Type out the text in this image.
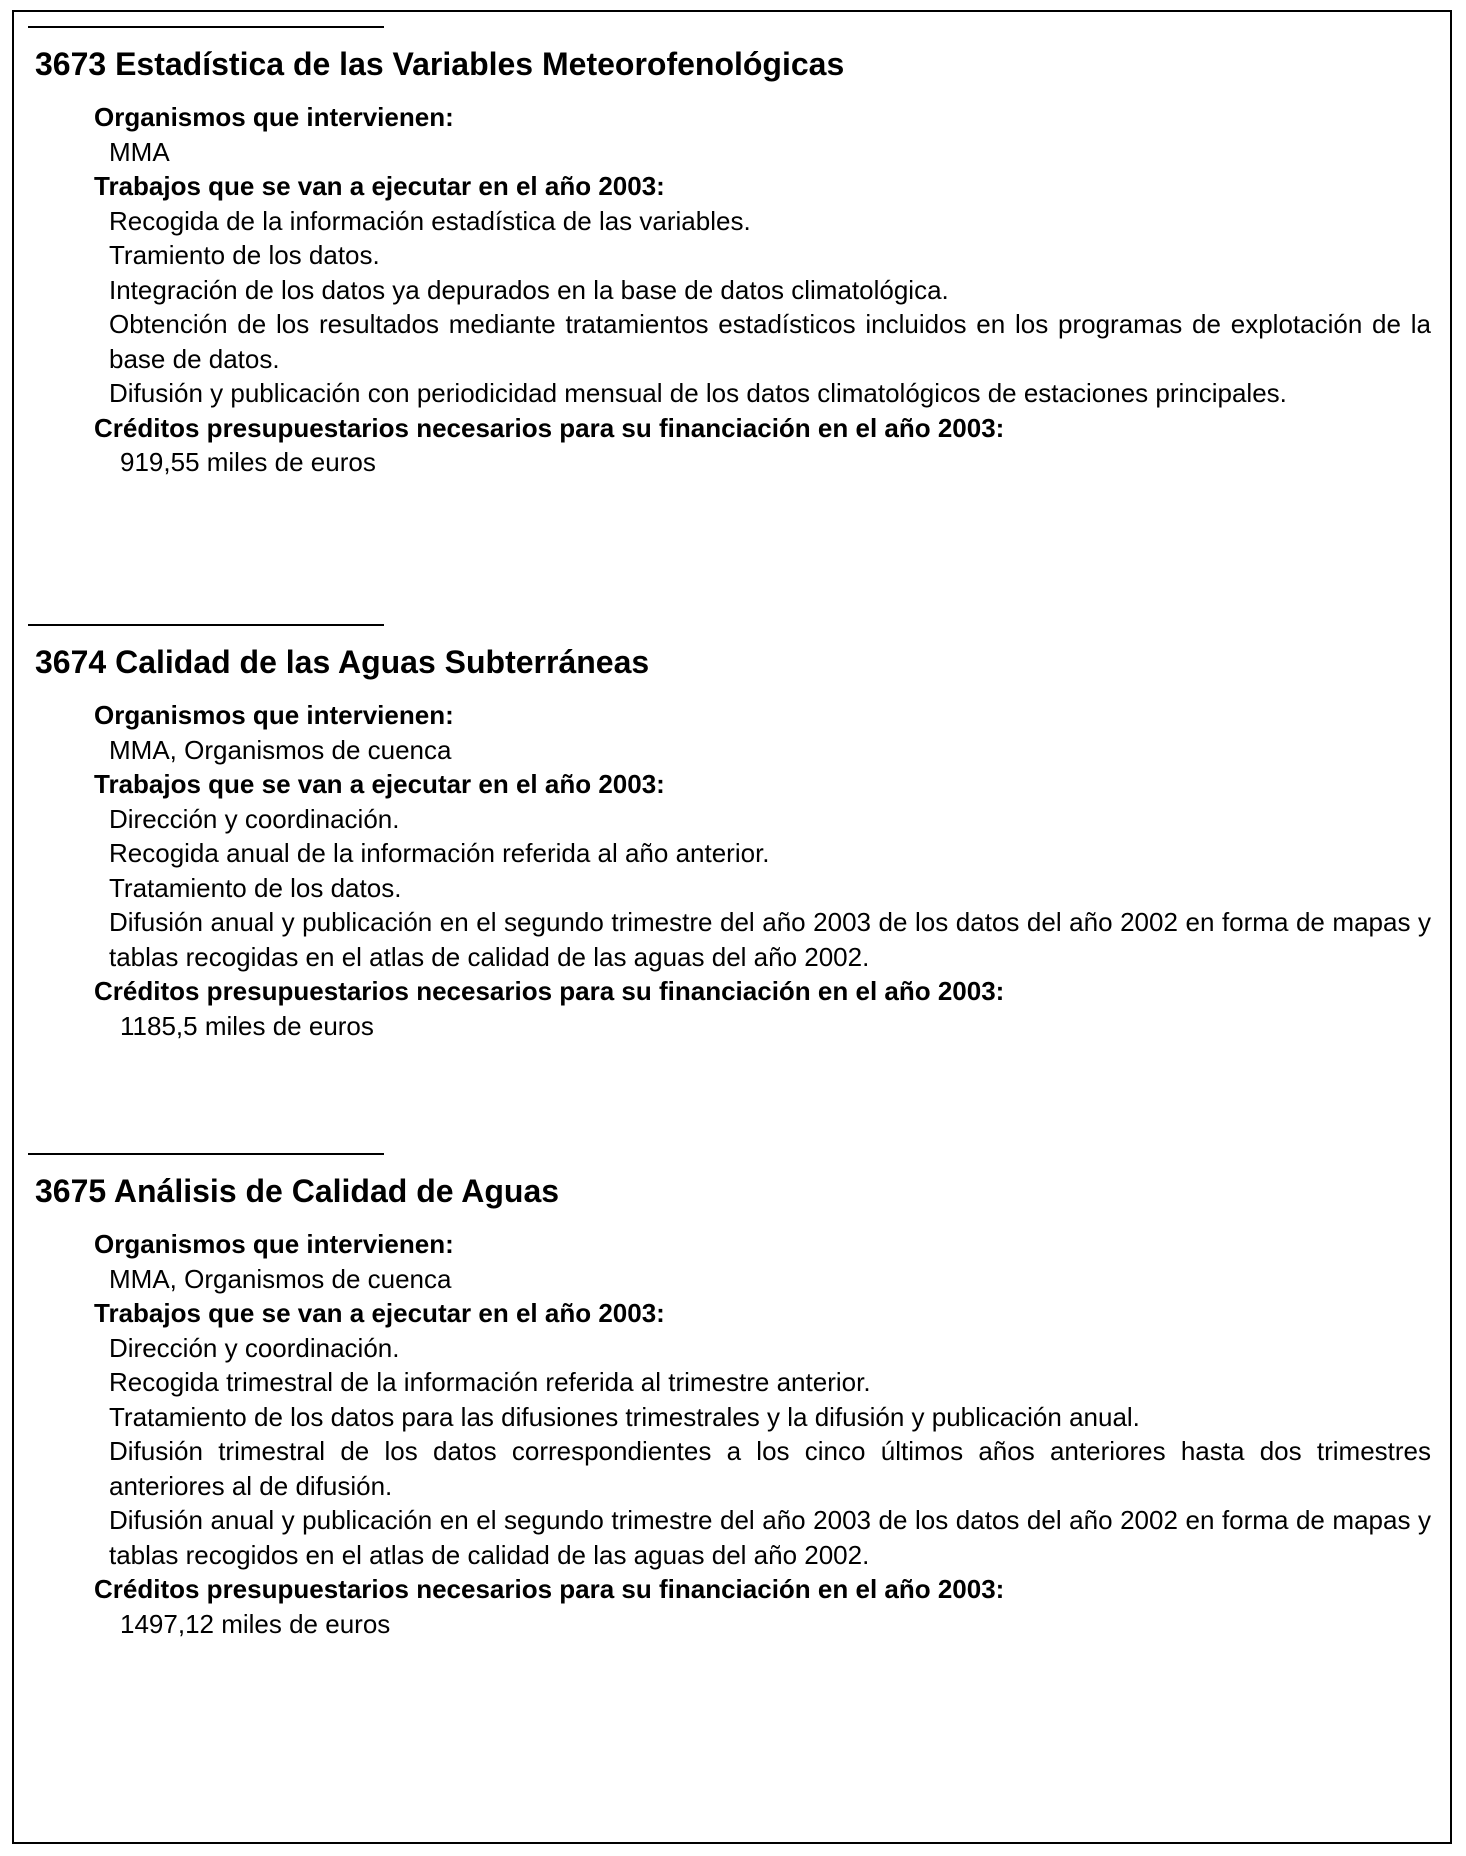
3673 Estadística de las Variables Meteorofenológicas
Organismos que intervienen:
MMA
Trabajos que se van a ejecutar en el año 2003:
Recogida de la información estadística de las variables.
Tramiento de los datos.
Integración de los datos ya depurados en la base de datos climatológica.
Obtención de los resultados mediante tratamientos estadísticos incluidos en los programas de explotación de la base de datos.
Difusión y publicación con periodicidad mensual de los datos climatológicos de estaciones principales.
Créditos presupuestarios necesarios para su financiación en el año 2003:
919,55 miles de euros
3674 Calidad de las Aguas Subterráneas
Organismos que intervienen:
MMA, Organismos de cuenca
Trabajos que se van a ejecutar en el año 2003:
Dirección y coordinación.
Recogida anual de la información referida al año anterior.
Tratamiento de los datos.
Difusión anual y publicación en el segundo trimestre del año 2003 de los datos del año 2002 en forma de mapas y tablas recogidas en el atlas de calidad de las aguas del año 2002.
Créditos presupuestarios necesarios para su financiación en el año 2003:
1185,5 miles de euros
3675 Análisis de Calidad de Aguas
Organismos que intervienen:
MMA, Organismos de cuenca
Trabajos que se van a ejecutar en el año 2003:
Dirección y coordinación.
Recogida trimestral de la información referida al trimestre anterior.
Tratamiento de los datos para las difusiones trimestrales y la difusión y publicación anual.
Difusión trimestral de los datos correspondientes a los cinco últimos años anteriores hasta dos trimestres anteriores al de difusión.
Difusión anual y publicación en el segundo trimestre del año 2003 de los datos del año 2002 en forma de mapas y tablas recogidos en el atlas de calidad de las aguas del año 2002.
Créditos presupuestarios necesarios para su financiación en el año 2003:
1497,12 miles de euros
